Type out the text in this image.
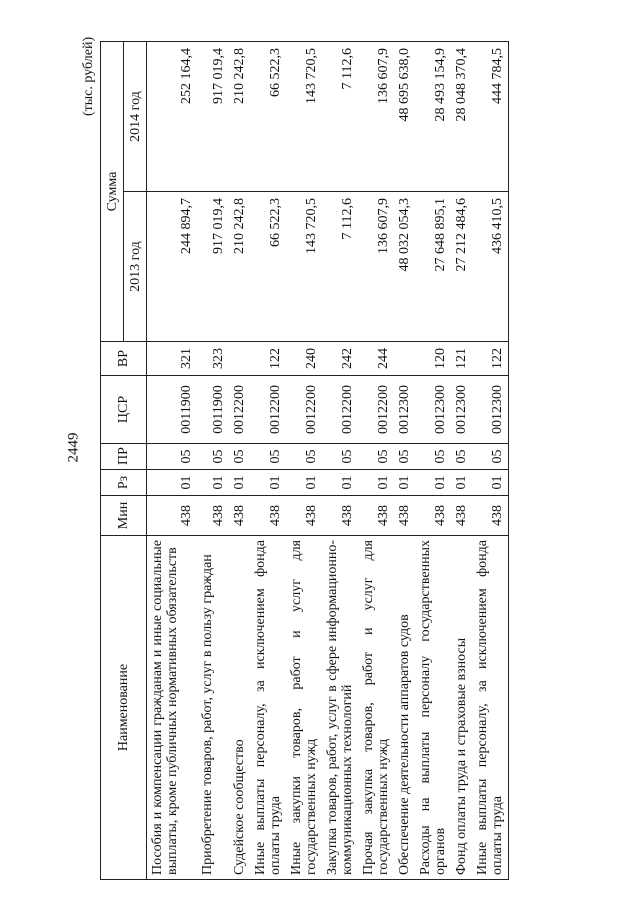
2449
(тыс. рублей)
Наименование	Мин	Рз	ПР	ЦСР	ВР	Сумма	
						2013 год	2014 год
Пособия и компенсации гражданам и иные социальные выплаты, кроме публичных нормативных обязательств	438	01	05	0011900	321	244 894,7	252 164,4
Приобретение товаров, работ, услуг в пользу граждан	438	01	05	0011900	323	917 019,4	917 019,4
Судейское сообщество	438	01	05	0012200		210 242,8	210 242,8
Иные выплаты персоналу, за исключением фонда оплаты труда	438	01	05	0012200	122	66 522,3	66 522,3
Иные закупки товаров, работ и услуг для государственных нужд	438	01	05	0012200	240	143 720,5	143 720,5
Закупка товаров, работ, услуг в сфере информационно-коммуникационных технологий	438	01	05	0012200	242	7 112,6	7 112,6
Прочая закупка товаров, работ и услуг для государственных нужд	438	01	05	0012200	244	136 607,9	136 607,9
Обеспечение деятельности аппаратов судов	438	01	05	0012300		48 032 054,3	48 695 638,0
Расходы на выплаты персоналу государственных органов	438	01	05	0012300	120	27 648 895,1	28 493 154,9
Фонд оплаты труда и страховые взносы	438	01	05	0012300	121	27 212 484,6	28 048 370,4
Иные выплаты персоналу, за исключением фонда оплаты труда	438	01	05	0012300	122	436 410,5	444 784,5
